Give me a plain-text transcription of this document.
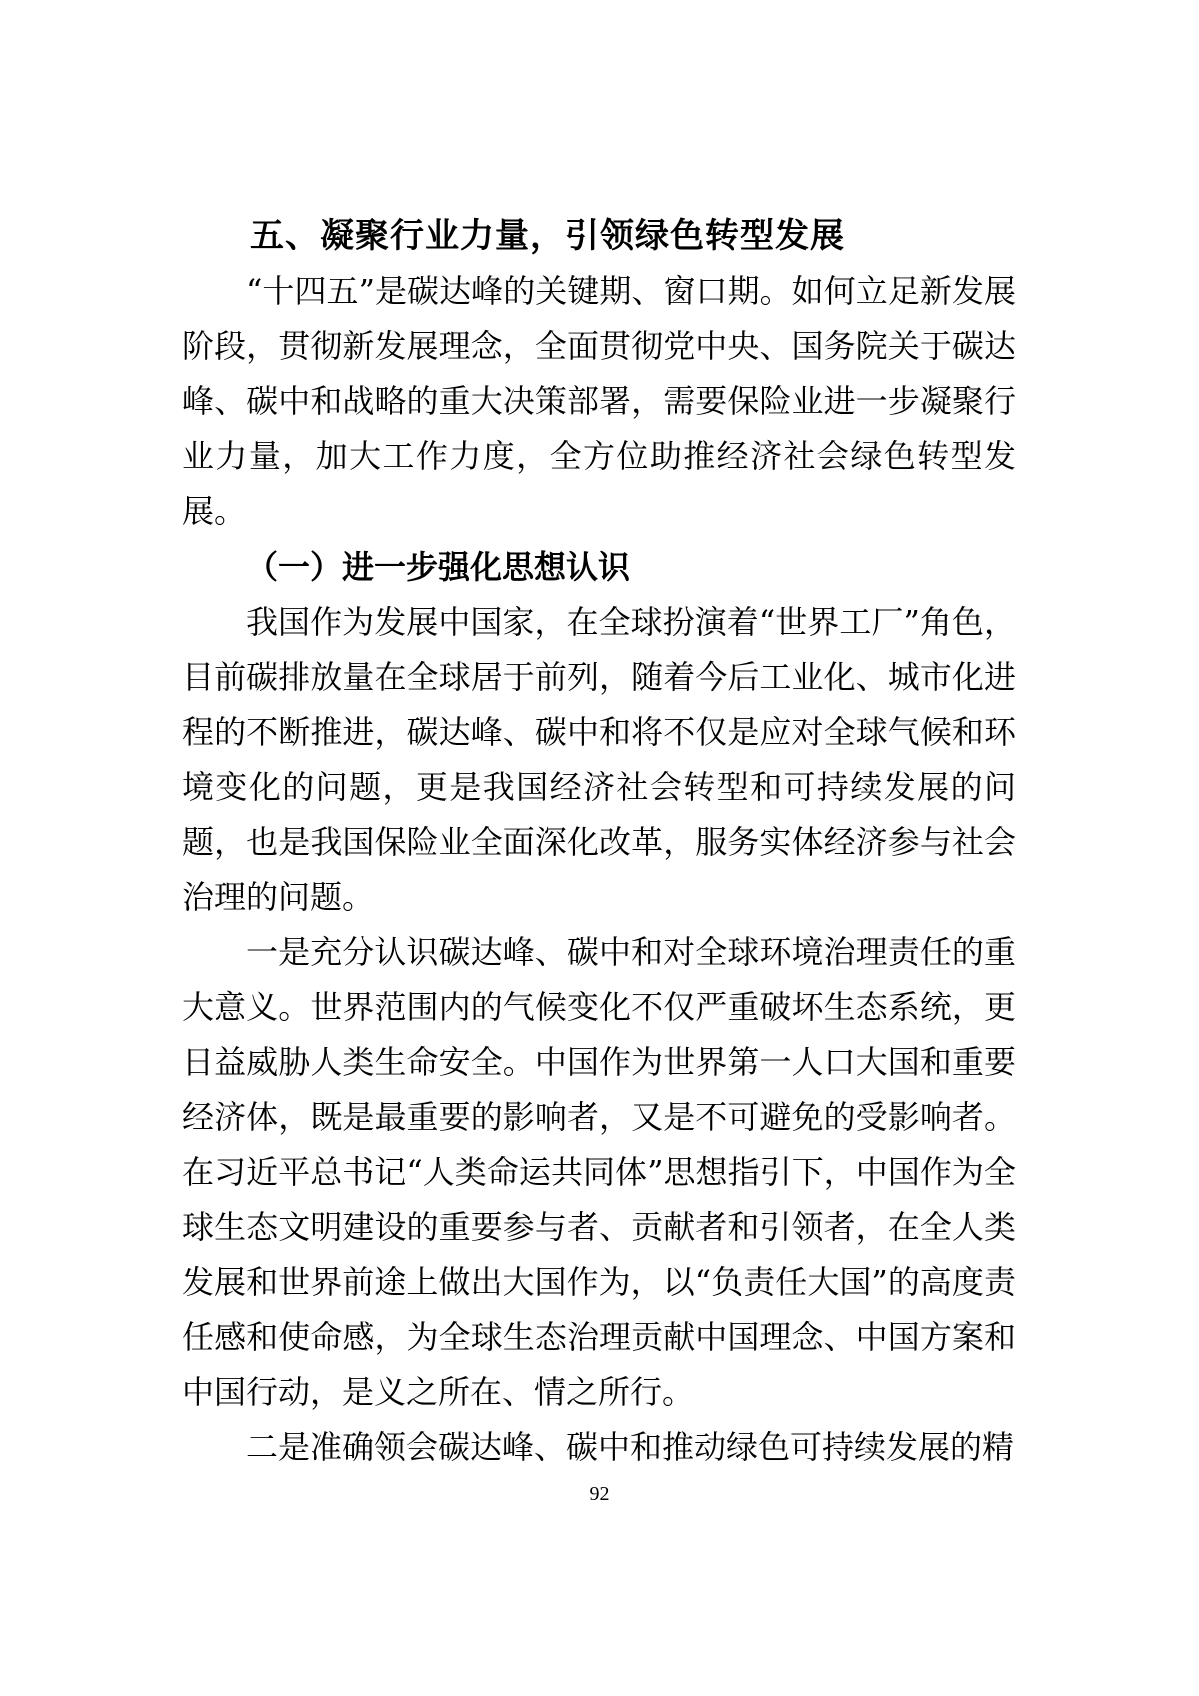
五、凝聚行业力量，引领绿色转型发展

“十四五”是碳达峰的关键期、窗口期。如何立足新发展阶段，贯彻新发展理念，全面贯彻党中央、国务院关于碳达峰、碳中和战略的重大决策部署，需要保险业进一步凝聚行业力量，加大工作力度，全方位助推经济社会绿色转型发展。

（一）进一步强化思想认识

我国作为发展中国家，在全球扮演着“世界工厂”角色，目前碳排放量在全球居于前列，随着今后工业化、城市化进程的不断推进，碳达峰、碳中和将不仅是应对全球气候和环境变化的问题，更是我国经济社会转型和可持续发展的问题，也是我国保险业全面深化改革，服务实体经济参与社会治理的问题。

一是充分认识碳达峰、碳中和对全球环境治理责任的重大意义。世界范围内的气候变化不仅严重破坏生态系统，更日益威胁人类生命安全。中国作为世界第一人口大国和重要经济体，既是最重要的影响者，又是不可避免的受影响者。在习近平总书记“人类命运共同体”思想指引下，中国作为全球生态文明建设的重要参与者、贡献者和引领者，在全人类发展和世界前途上做出大国作为，以“负责任大国”的高度责任感和使命感，为全球生态治理贡献中国理念、中国方案和中国行动，是义之所在、情之所行。

二是准确领会碳达峰、碳中和推动绿色可持续发展的精

92
